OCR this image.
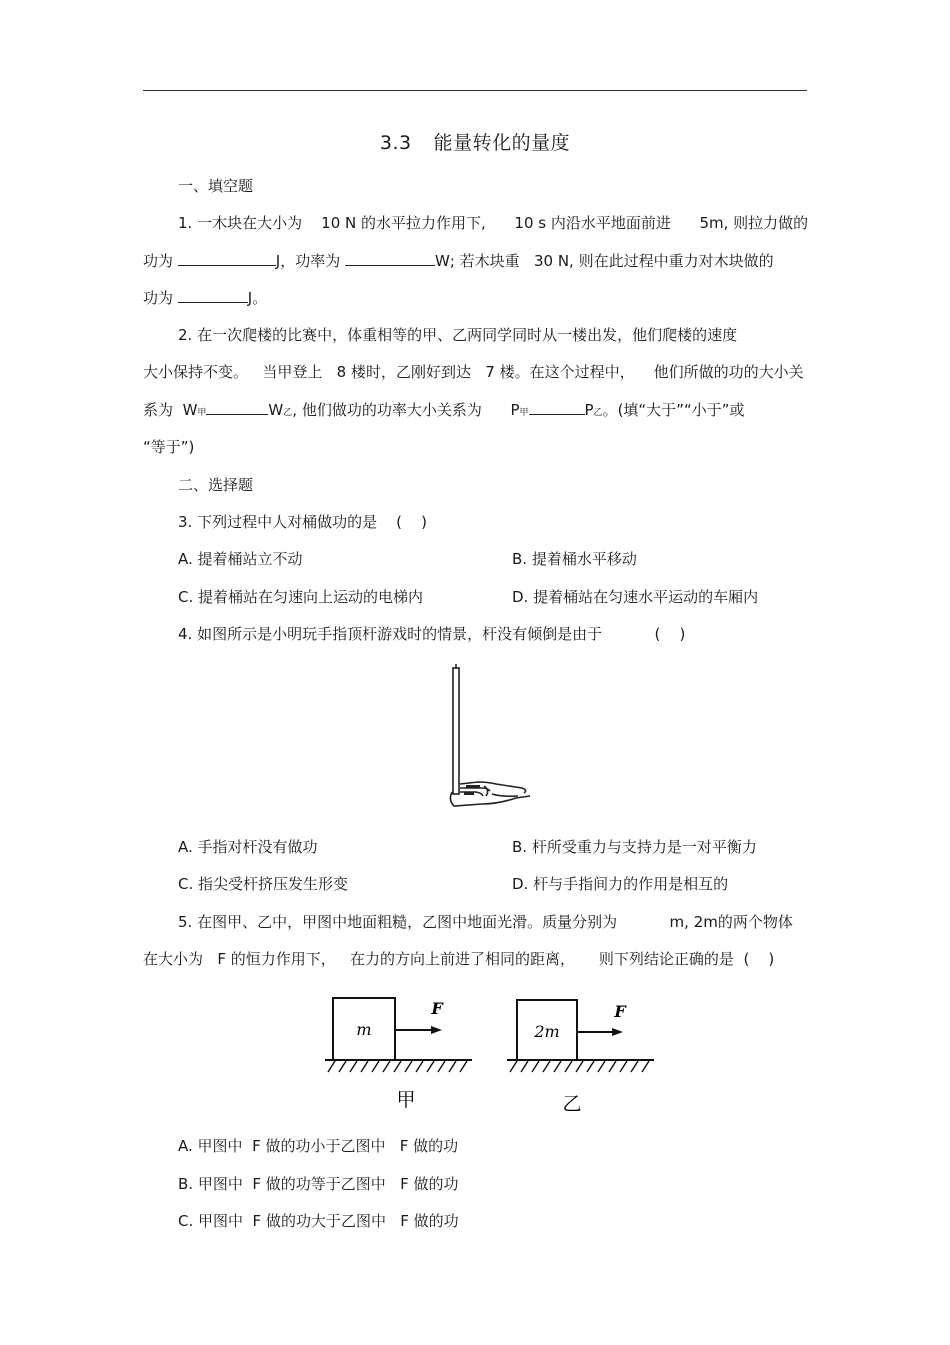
3.3 能量转化的量度
一、填空题
1. 一木块在大小为 10 N 的水平拉力作用下, 10 s 内沿水平地面前进 5m, 则拉力做的
功为	J，功率为	W; 若木块重 30 N, 则在此过程中重力对木块做的
功为	J。
2. 在一次爬楼的比赛中，体重相等的甲、乙两同学同时从一楼出发，他们爬楼的速度
大小保持不变。 当甲登上 8 楼时，乙刚好到达 7 楼。在这个过程中， 他们所做的功的大小关
系为 W甲	W乙, 他们做功的功率大小关系为 P甲	P乙。(填“大于”“小于”或
“等于”)
二、选择题
3. 下列过程中人对桶做功的是 (    )
A. 提着桶站立不动	B. 提着桶水平移动
C. 提着桶站在匀速向上运动的电梯内	D. 提着桶站在匀速水平运动的车厢内
4. 如图所示是小明玩手指顶杆游戏时的情景，杆没有倾倒是由于	(    )
A. 手指对杆没有做功	B. 杆所受重力与支持力是一对平衡力
C. 指尖受杆挤压发生形变	D. 杆与手指间力的作用是相互的
5. 在图甲、乙中，甲图中地面粗糙，乙图中地面光滑。质量分别为	m, 2m的两个物体
在大小为 F 的恒力作用下， 在力的方向上前进了相同的距离， 则下列结论正确的是 (    )
m	2m
F	F
甲	乙
A. 甲图中  F 做的功小于乙图中   F 做的功
B. 甲图中  F 做的功等于乙图中   F 做的功
C. 甲图中  F 做的功大于乙图中   F 做的功
